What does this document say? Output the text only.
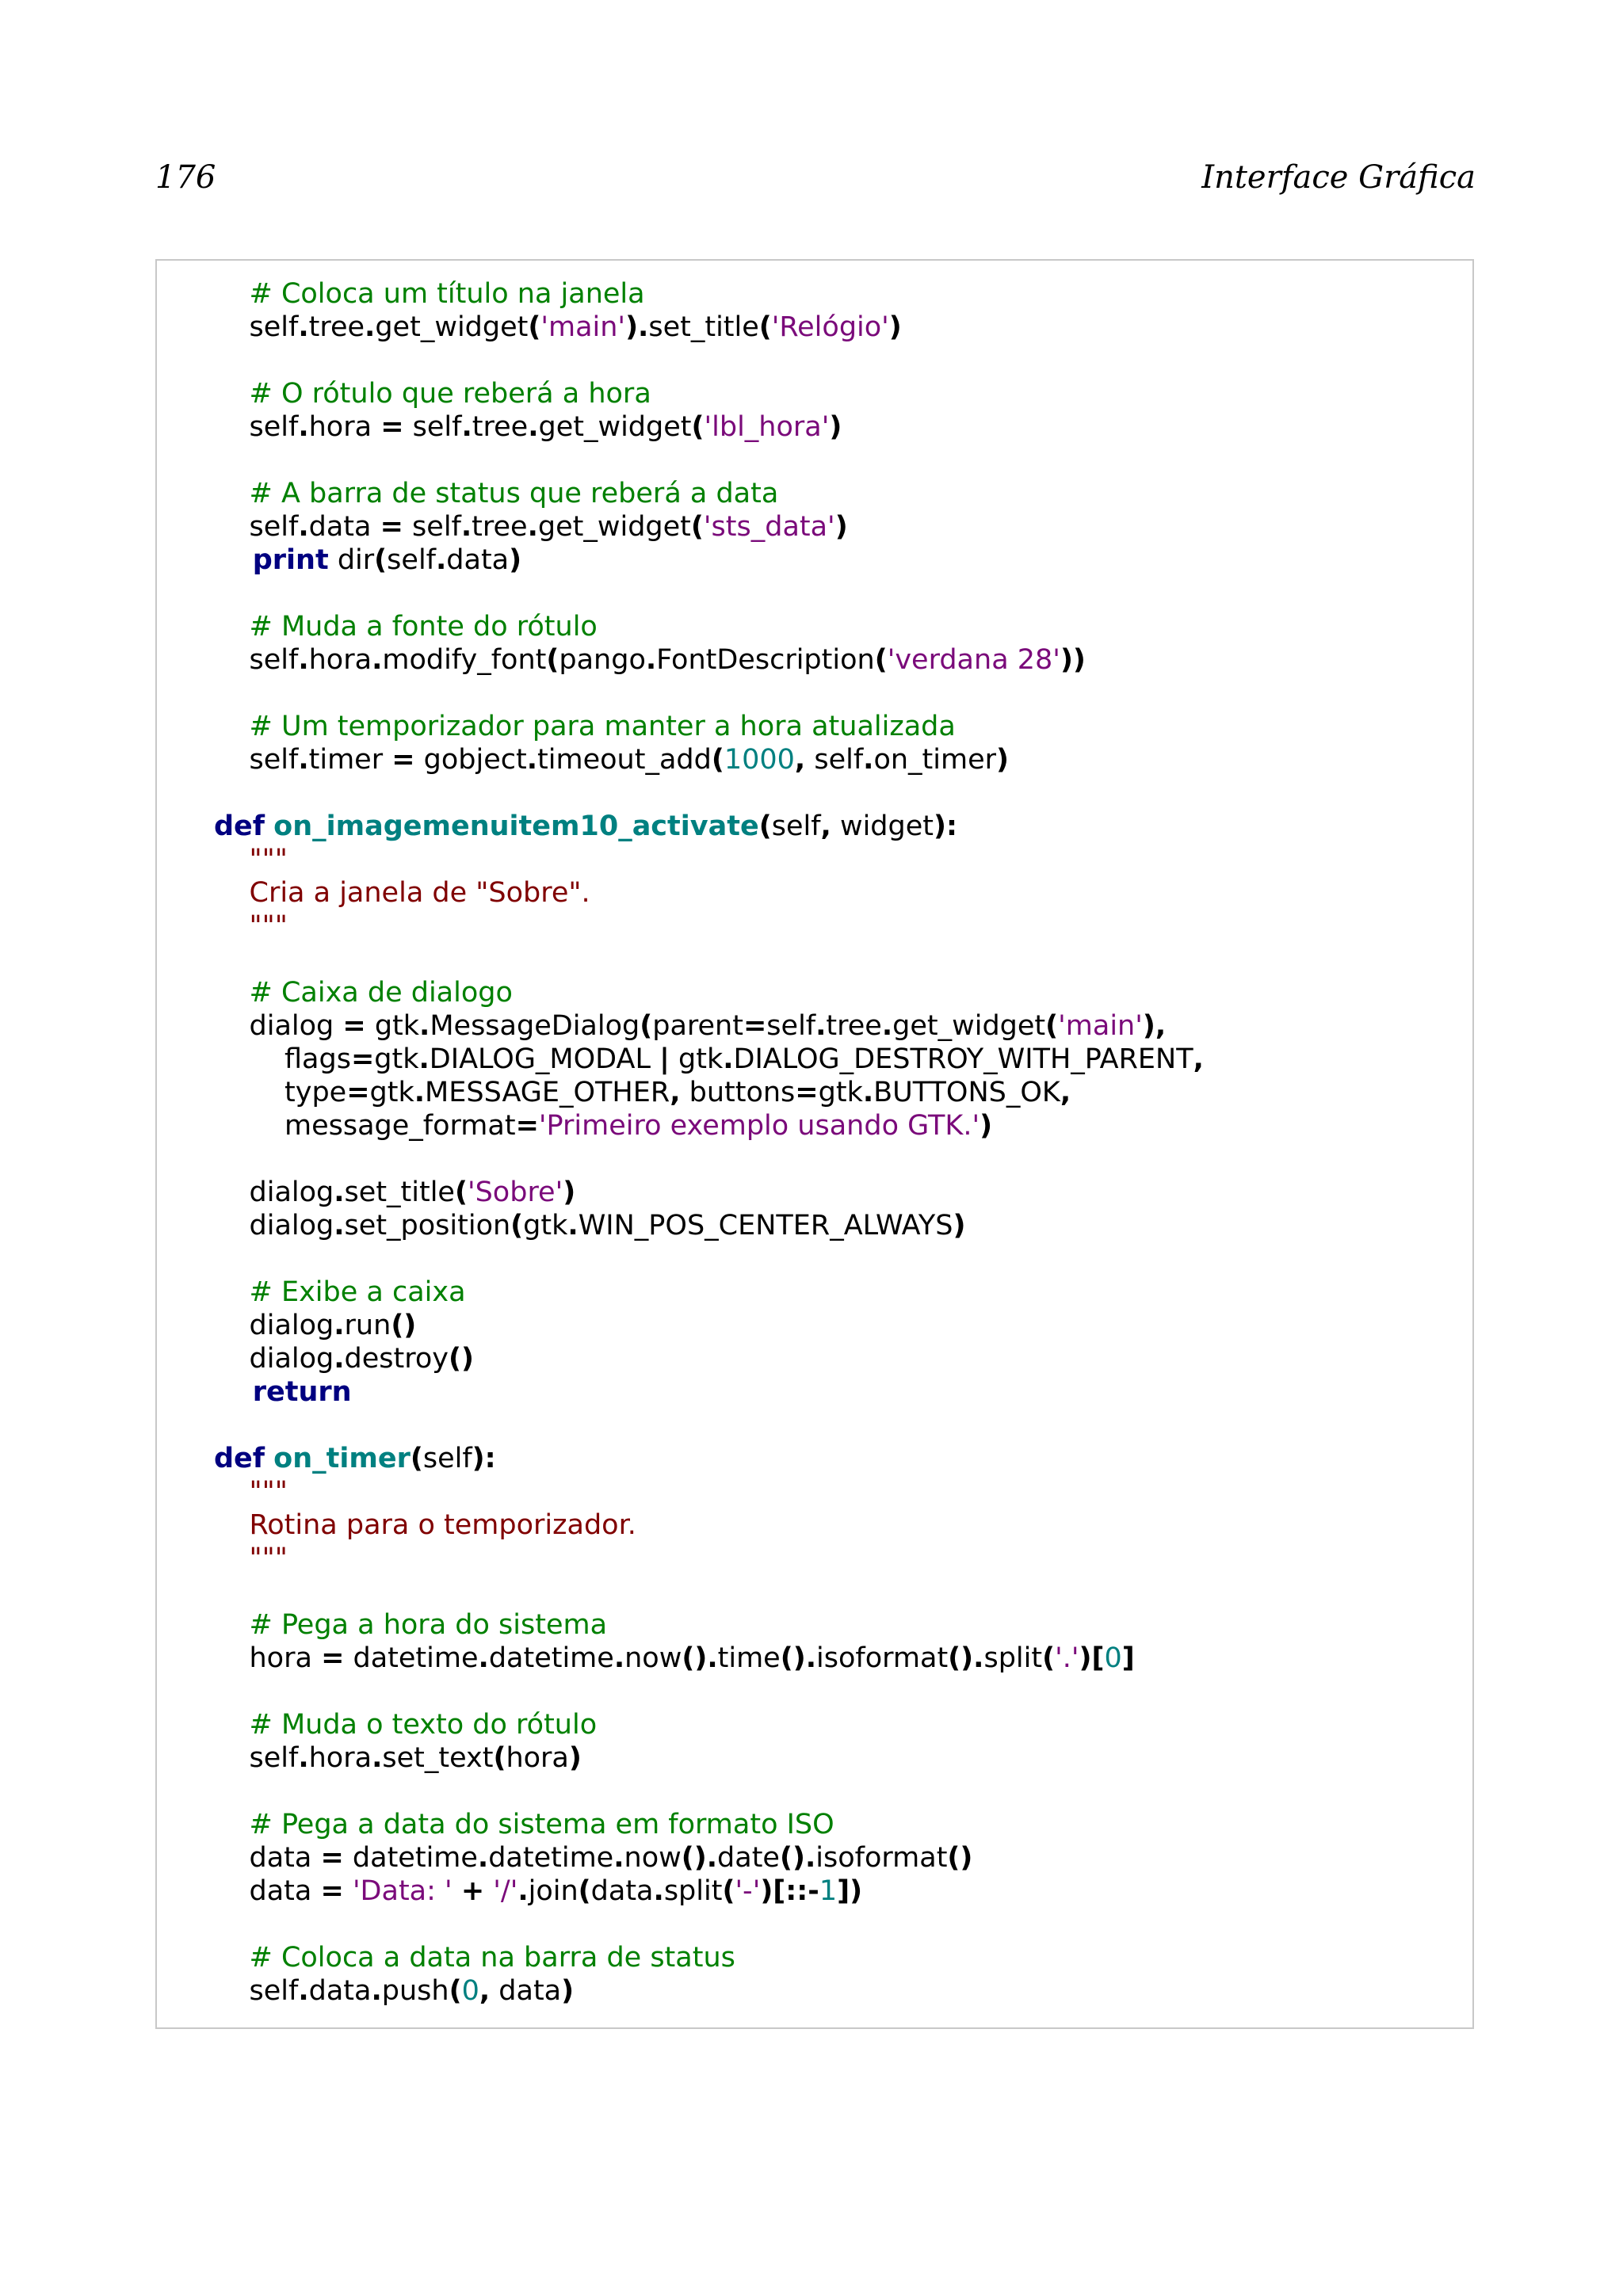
176	Interface Gráfica
# Coloca um título na janela
self.tree.get_widget('main').set_title('Relógio')

# O rótulo que reberá a hora
self.hora = self.tree.get_widget('lbl_hora')

# A barra de status que reberá a data
self.data = self.tree.get_widget('sts_data')
print dir(self.data)

# Muda a fonte do rótulo
self.hora.modify_font(pango.FontDescription('verdana 28'))

# Um temporizador para manter a hora atualizada
self.timer = gobject.timeout_add(1000, self.on_timer)

def on_imagemenuitem10_activate(self, widget):
"""
Cria a janela de "Sobre".
"""

# Caixa de dialogo
dialog = gtk.MessageDialog(parent=self.tree.get_widget('main'),
flags=gtk.DIALOG_MODAL | gtk.DIALOG_DESTROY_WITH_PARENT,
type=gtk.MESSAGE_OTHER, buttons=gtk.BUTTONS_OK,
message_format='Primeiro exemplo usando GTK.')

dialog.set_title('Sobre')
dialog.set_position(gtk.WIN_POS_CENTER_ALWAYS)

# Exibe a caixa
dialog.run()
dialog.destroy()
return

def on_timer(self):
"""
Rotina para o temporizador.
"""

# Pega a hora do sistema
hora = datetime.datetime.now().time().isoformat().split('.')[0]

# Muda o texto do rótulo
self.hora.set_text(hora)

# Pega a data do sistema em formato ISO
data = datetime.datetime.now().date().isoformat()
data = 'Data: ' + '/'.join(data.split('-')[::-1])

# Coloca a data na barra de status
self.data.push(0, data)
